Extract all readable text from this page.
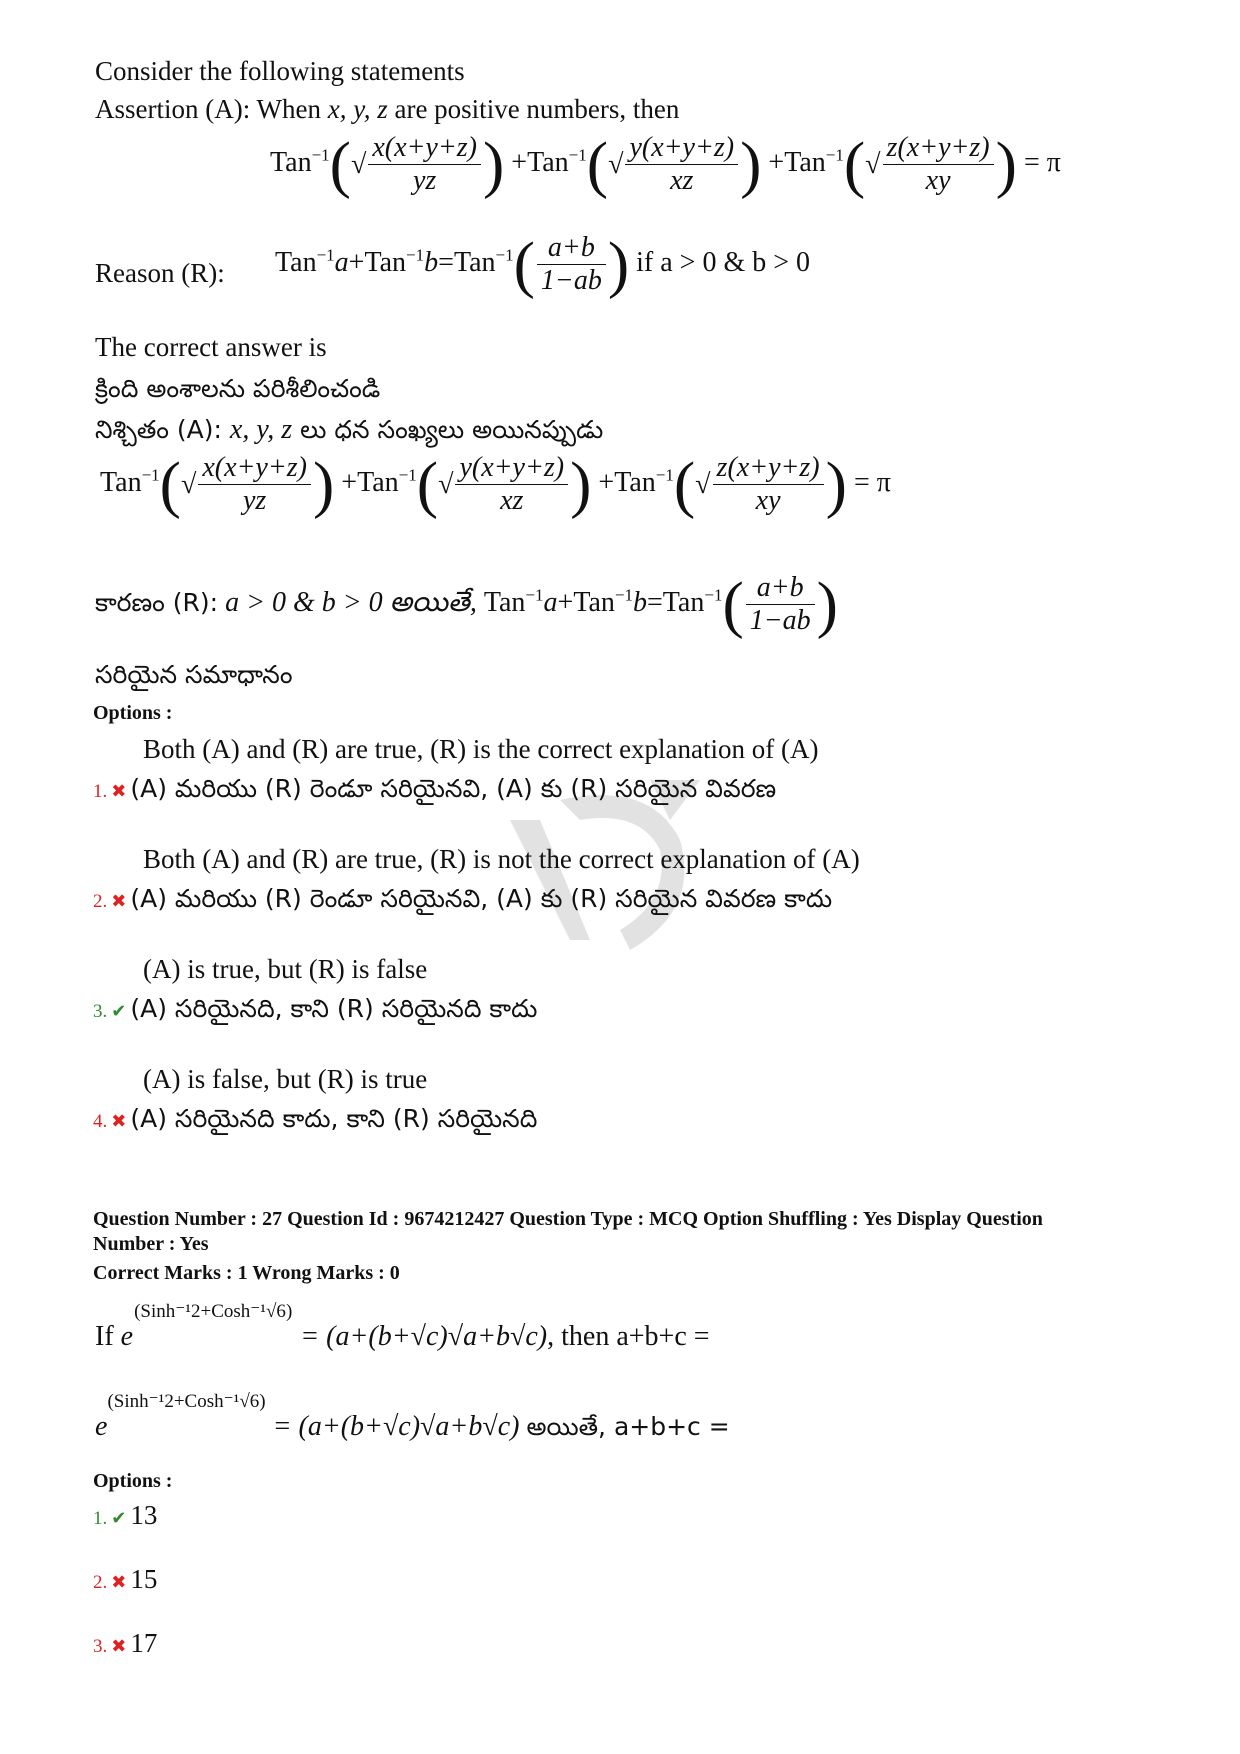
Consider the following statements
Assertion (A): When x, y, z are positive numbers, then
$Tan^{-1}(√ \frac{x(x+y+z)}{yz}$ ) $+Tan^{-1}(√ \frac{y(x+y+z)}{xz}$ ) $+Tan^{-1}(√ \frac{z(x+y+z)}{xy}$ ) = π
Reason (R): $Tan^{-1}a+Tan^{-1}b=Tan^{-1}( \frac{a+b}{1-ab}$ ) if a > 0 & b > 0
The correct answer is
క్రింది అంశాలను పరిశీలించండి
నిశ్చితం (A): x, y, z లు ధన సంఖ్యలు అయినప్పుడు
$Tan^{-1}(√ \frac{x(x+y+z)}{yz}$ ) $+Tan^{-1}(√ \frac{y(x+y+z)}{xz}$ ) $+Tan^{-1}(√ \frac{z(x+y+z)}{xy}$ ) = π
కారణం (R): a > 0 & b > 0 అయితే, $Tan^{-1}a+Tan^{-1}b=Tan^{-1}( \frac{a+b}{1-ab}$ )
సరియైన సమాధానం
Options :
Both (A) and (R) are true, (R) is the correct explanation of (A)
1. ✖ (A) మరియు (R) రెండూ సరియైనవి, (A) కు (R) సరియైన వివరణ
Both (A) and (R) are true, (R) is not the correct explanation of (A)
2. ✖ (A) మరియు (R) రెండూ సరియైనవి, (A) కు (R) సరియైన వివరణ కాదు
(A) is true, but (R) is false
3. ✔ (A) సరియైనది, కాని (R) సరియైనది కాదు
(A) is false, but (R) is true
4. ✖ (A) సరియైనది కాదు, కాని (R) సరియైనది
Question Number : 27 Question Id : 9674212427 Question Type : MCQ Option Shuffling : Yes Display Question
Number : Yes
Correct Marks : 1 Wrong Marks : 0
If $e^{(Sinh^{-1}2+Cosh^{-1}√6)} = (a+(b+√c)√a+b√c)$, then a+b+c =
$e^{(Sinh^{-1}2+Cosh^{-1}√6)} = (a+(b+√c)√a+b√c)$ అయితే, a+b+c =
Options :
1. ✔ 13
2. ✖ 15
3. ✖ 17
